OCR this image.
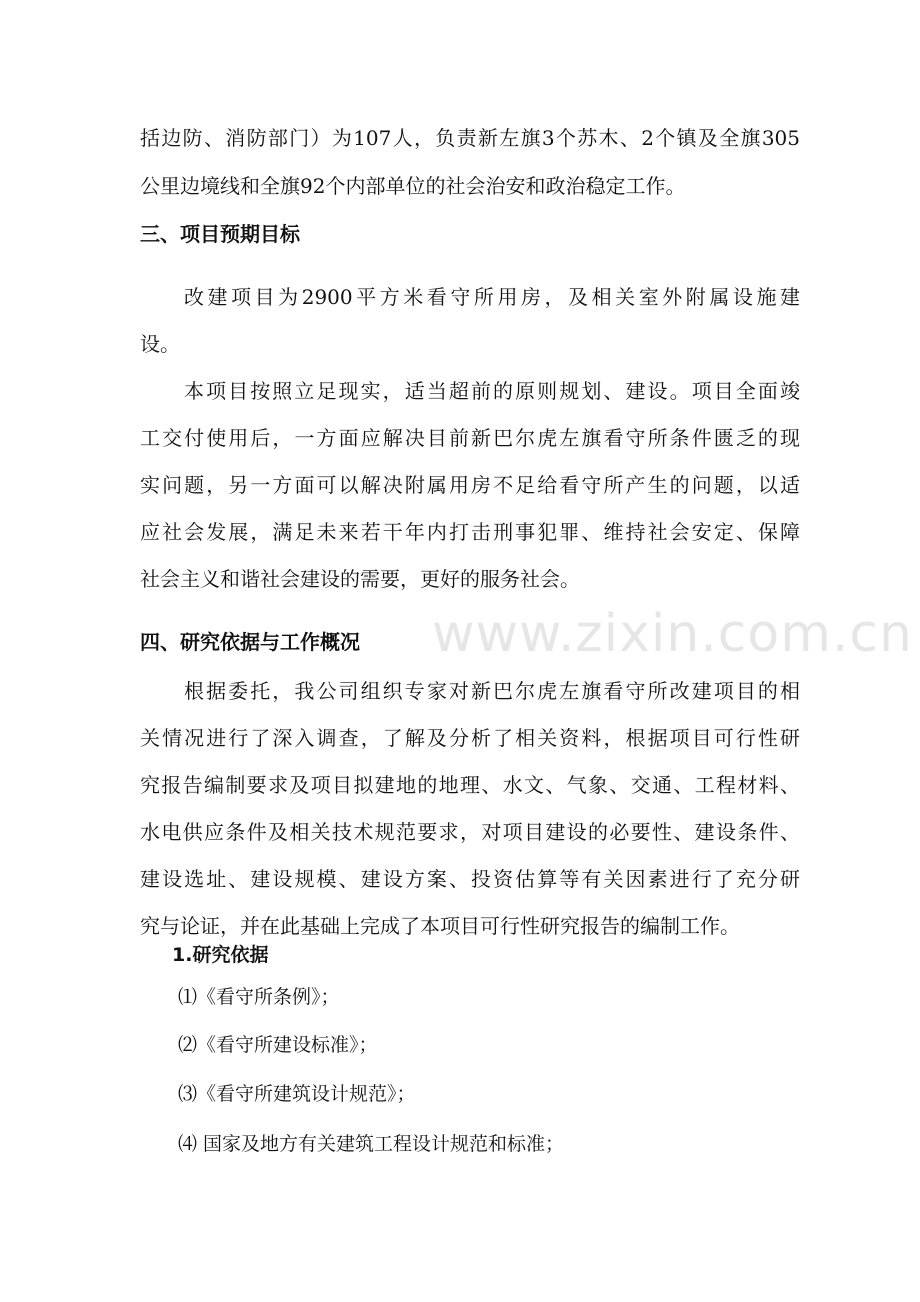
www.zixin.com.cn
括边防、消防部门）为107人，负责新左旗3个苏木、2个镇及全旗305
公里边境线和全旗92个内部单位的社会治安和政治稳定工作。
三、项目预期目标
改建项目为2900平方米看守所用房，及相关室外附属设施建
设。
本项目按照立足现实，适当超前的原则规划、建设。项目全面竣
工交付使用后，一方面应解决目前新巴尔虎左旗看守所条件匮乏的现
实问题，另一方面可以解决附属用房不足给看守所产生的问题，以适
应社会发展，满足未来若干年内打击刑事犯罪、维持社会安定、保障
社会主义和谐社会建设的需要，更好的服务社会。
四、研究依据与工作概况
根据委托，我公司组织专家对新巴尔虎左旗看守所改建项目的相
关情况进行了深入调查，了解及分析了相关资料，根据项目可行性研
究报告编制要求及项目拟建地的地理、水文、气象、交通、工程材料、
水电供应条件及相关技术规范要求，对项目建设的必要性、建设条件、
建设选址、建设规模、建设方案、投资估算等有关因素进行了充分研
究与论证，并在此基础上完成了本项目可行性研究报告的编制工作。
1.研究依据
⑴《看守所条例》；
⑵《看守所建设标准》；
⑶《看守所建筑设计规范》；
⑷ 国家及地方有关建筑工程设计规范和标准；
